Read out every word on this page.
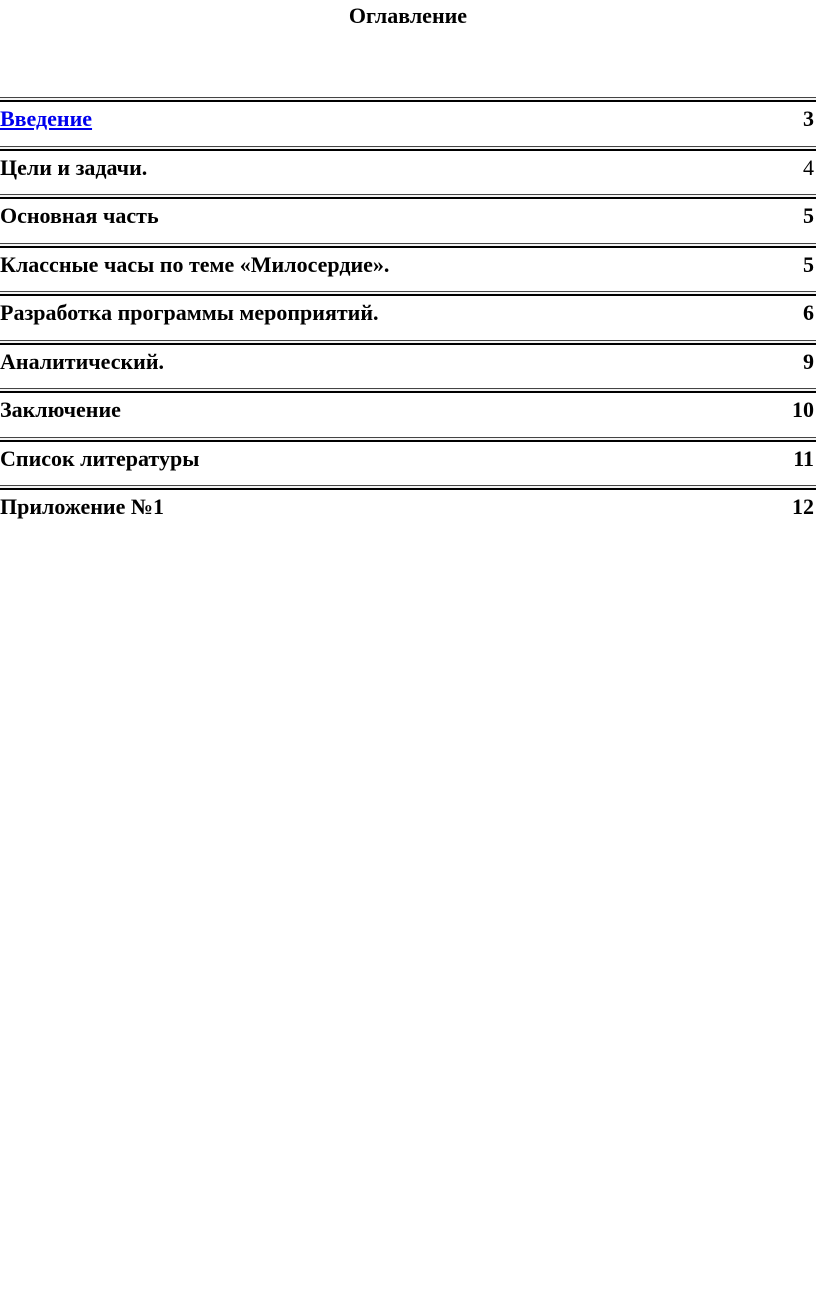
Оглавление
Введение	3
Цели и задачи.	4
Основная часть	5
Классные часы по теме «Милосердие».	5
Разработка программы мероприятий.	6
Аналитический.	9
Заключение	10
Список литературы	11
Приложение №1	12
